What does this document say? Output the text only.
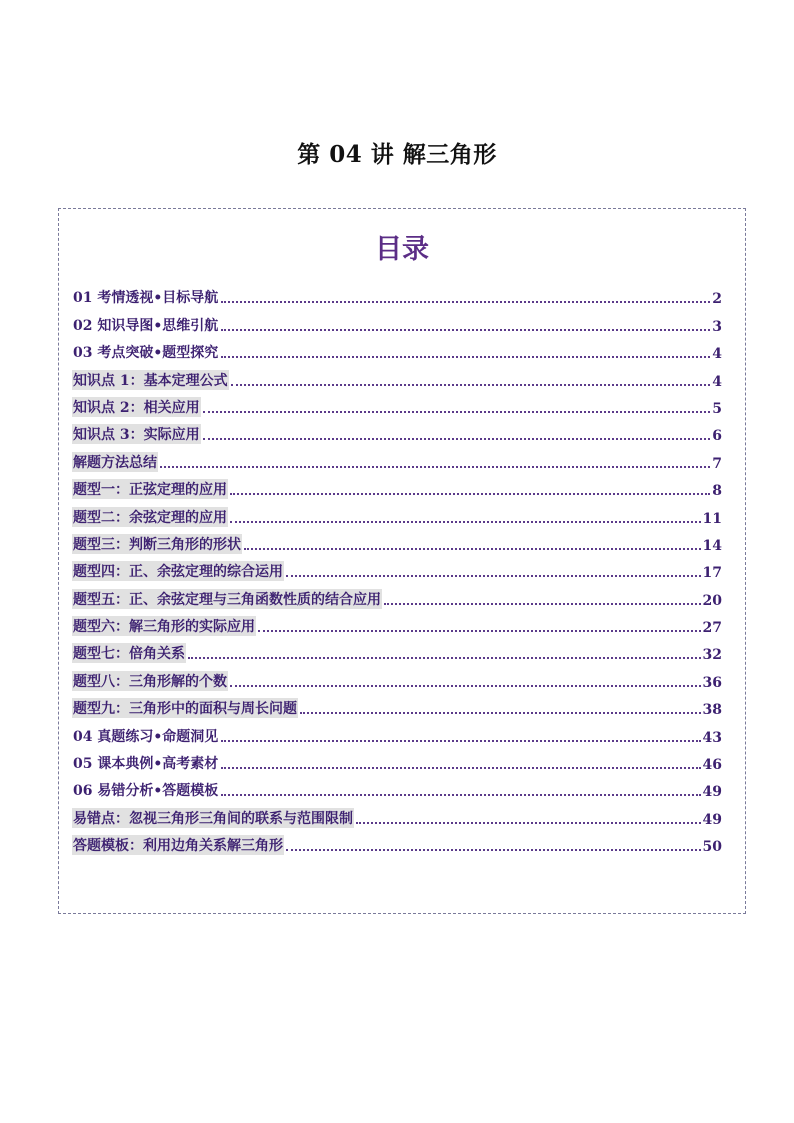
第 04 讲 解三角形
目录
01 考情透视•目标导航	2
02 知识导图•思维引航	3
03 考点突破•题型探究	4
知识点 1：基本定理公式	4
知识点 2：相关应用	5
知识点 3：实际应用	6
解题方法总结	7
题型一：正弦定理的应用	8
题型二：余弦定理的应用	11
题型三：判断三角形的形状	14
题型四：正、余弦定理的综合运用	17
题型五：正、余弦定理与三角函数性质的结合应用	20
题型六：解三角形的实际应用	27
题型七：倍角关系	32
题型八：三角形解的个数	36
题型九：三角形中的面积与周长问题	38
04 真题练习•命题洞见	43
05 课本典例•高考素材	46
06 易错分析•答题模板	49
易错点：忽视三角形三角间的联系与范围限制	49
答题模板：利用边角关系解三角形	50
